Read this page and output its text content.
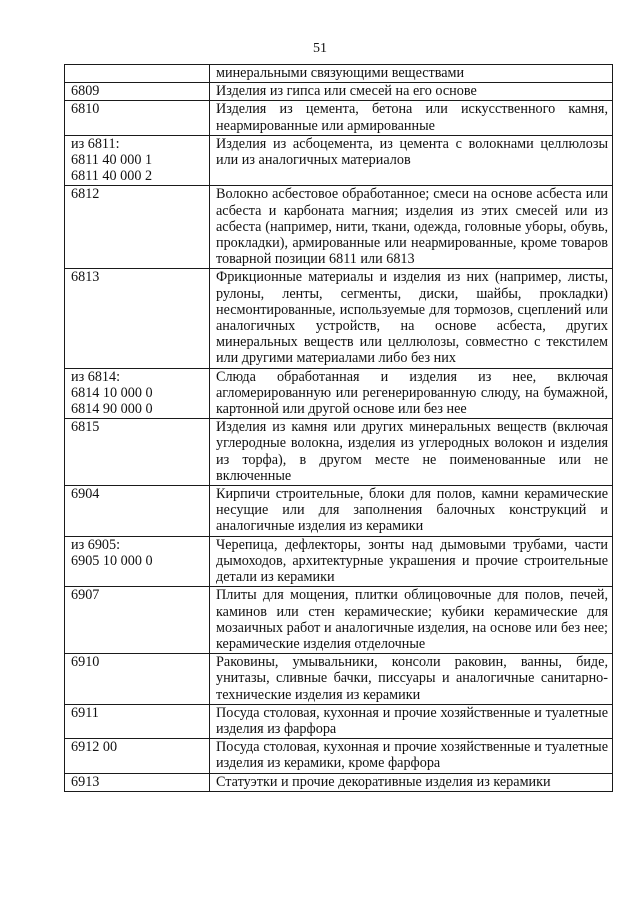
51

	минеральными связующими веществами

6809	Изделия из гипса или смесей на его основе

6810	Изделия из цемента, бетона или искусственного камня, неармированные или армированные

из 6811:
6811 40 000 1
6811 40 000 2	Изделия из асбоцемента, из цемента с волокнами целлюлозы или из аналогичных материалов

6812	Волокно асбестовое обработанное; смеси на основе асбеста или асбеста и карбоната магния; изделия из этих смесей или из асбеста (например, нити, ткани, одежда, головные уборы, обувь, прокладки), армированные или неармированные, кроме товаров товарной позиции 6811 или 6813

6813	Фрикционные материалы и изделия из них (например, листы, рулоны, ленты, сегменты, диски, шайбы, прокладки) несмонтированные, используемые для тормозов, сцеплений или аналогичных устройств, на основе асбеста, других минеральных веществ или целлюлозы, совместно с текстилем или другими материалами либо без них

из 6814:
6814 10 000 0
6814 90 000 0	Слюда обработанная и изделия из нее, включая агломерированную или регенерированную слюду, на бумажной, картонной или другой основе или без нее

6815	Изделия из камня или других минеральных веществ (включая углеродные волокна, изделия из углеродных волокон и изделия из торфа), в другом месте не поименованные или не включенные

6904	Кирпичи строительные, блоки для полов, камни керамические несущие или для заполнения балочных конструкций и аналогичные изделия из керамики

из 6905:
6905 10 000 0	Черепица, дефлекторы, зонты над дымовыми трубами, части дымоходов, архитектурные украшения и прочие строительные детали из керамики

6907	Плиты для мощения, плитки облицовочные для полов, печей, каминов или стен керамические; кубики керамические для мозаичных работ и аналогичные изделия, на основе или без нее; керамические изделия отделочные

6910	Раковины, умывальники, консоли раковин, ванны, биде, унитазы, сливные бачки, писсуары и аналогичные санитарно-технические изделия из керамики

6911	Посуда столовая, кухонная и прочие хозяйственные и туалетные изделия из фарфора

6912 00	Посуда столовая, кухонная и прочие хозяйственные и туалетные изделия из керамики, кроме фарфора

6913	Статуэтки и прочие декоративные изделия из керамики
